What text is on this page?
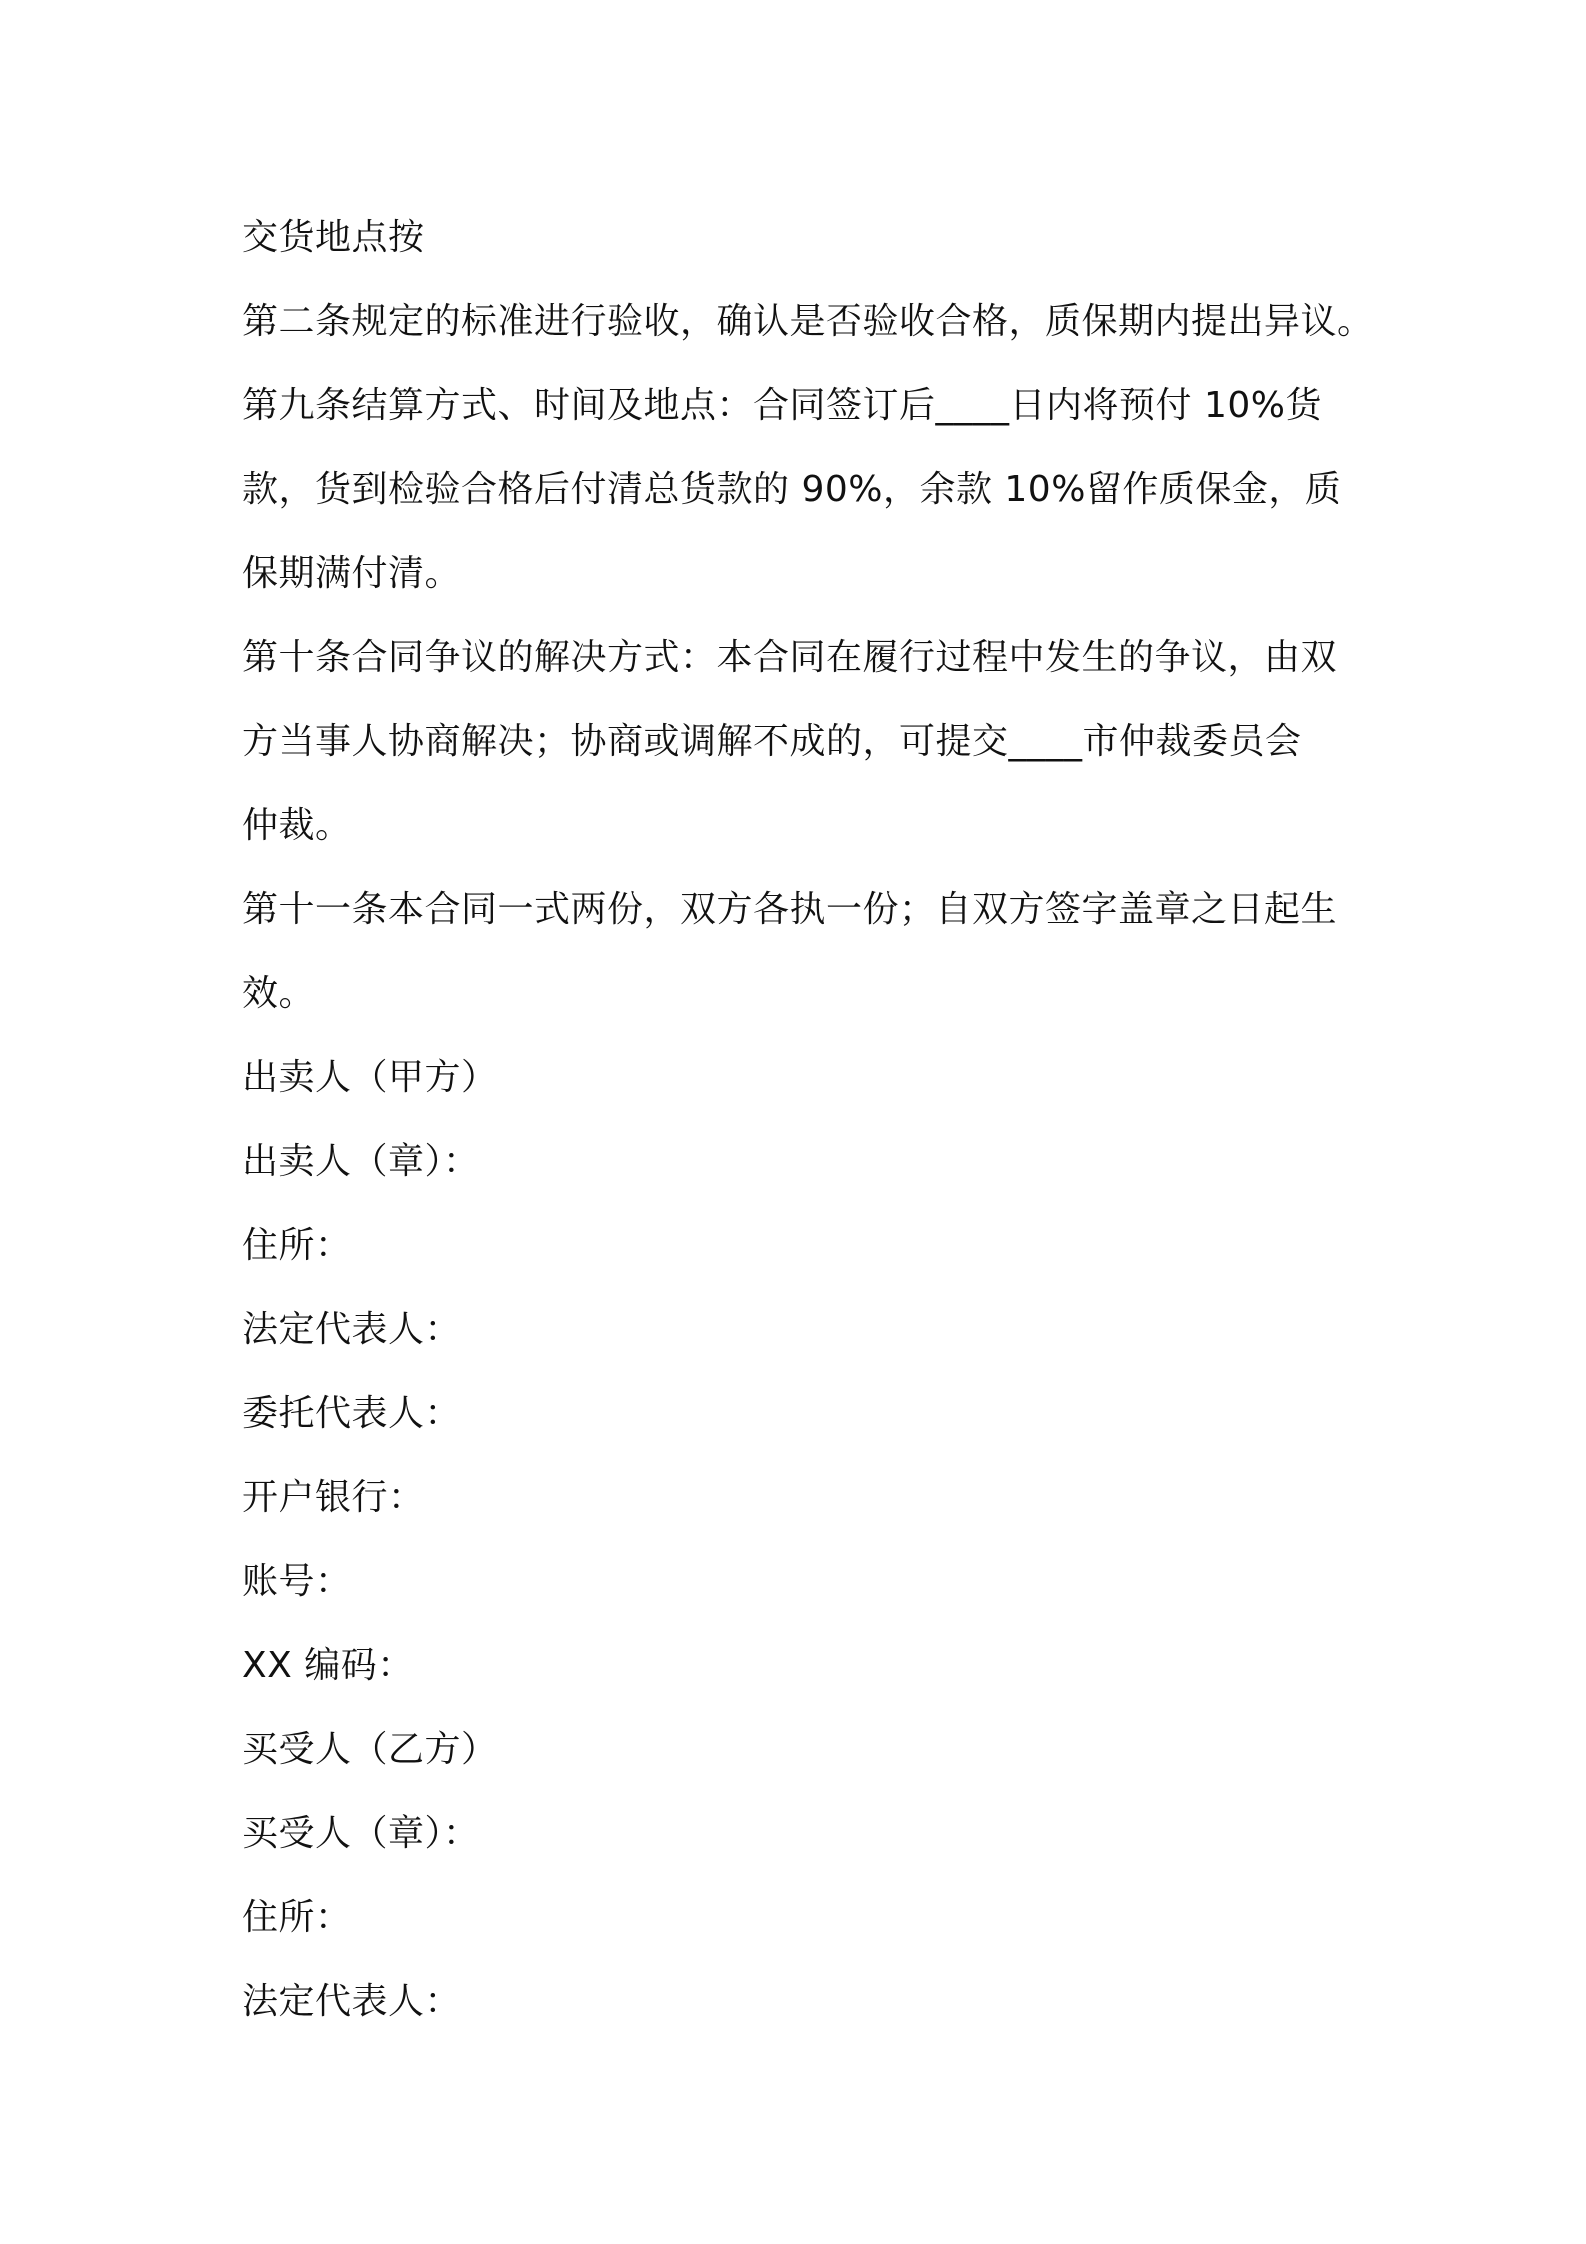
交货地点按
第二条规定的标准进行验收，确认是否验收合格，质保期内提出异议。
第九条结算方式、时间及地点：合同签订后____日内将预付 10%货
款，货到检验合格后付清总货款的 90%，余款 10%留作质保金，质
保期满付清。
第十条合同争议的解决方式：本合同在履行过程中发生的争议，由双
方当事人协商解决；协商或调解不成的，可提交____市仲裁委员会
仲裁。
第十一条本合同一式两份，双方各执一份；自双方签字盖章之日起生
效。
出卖人（甲方）
出卖人（章）：
住所：
法定代表人：
委托代表人：
开户银行：
账号：
XX 编码：
买受人（乙方）
买受人（章）：
住所：
法定代表人：
